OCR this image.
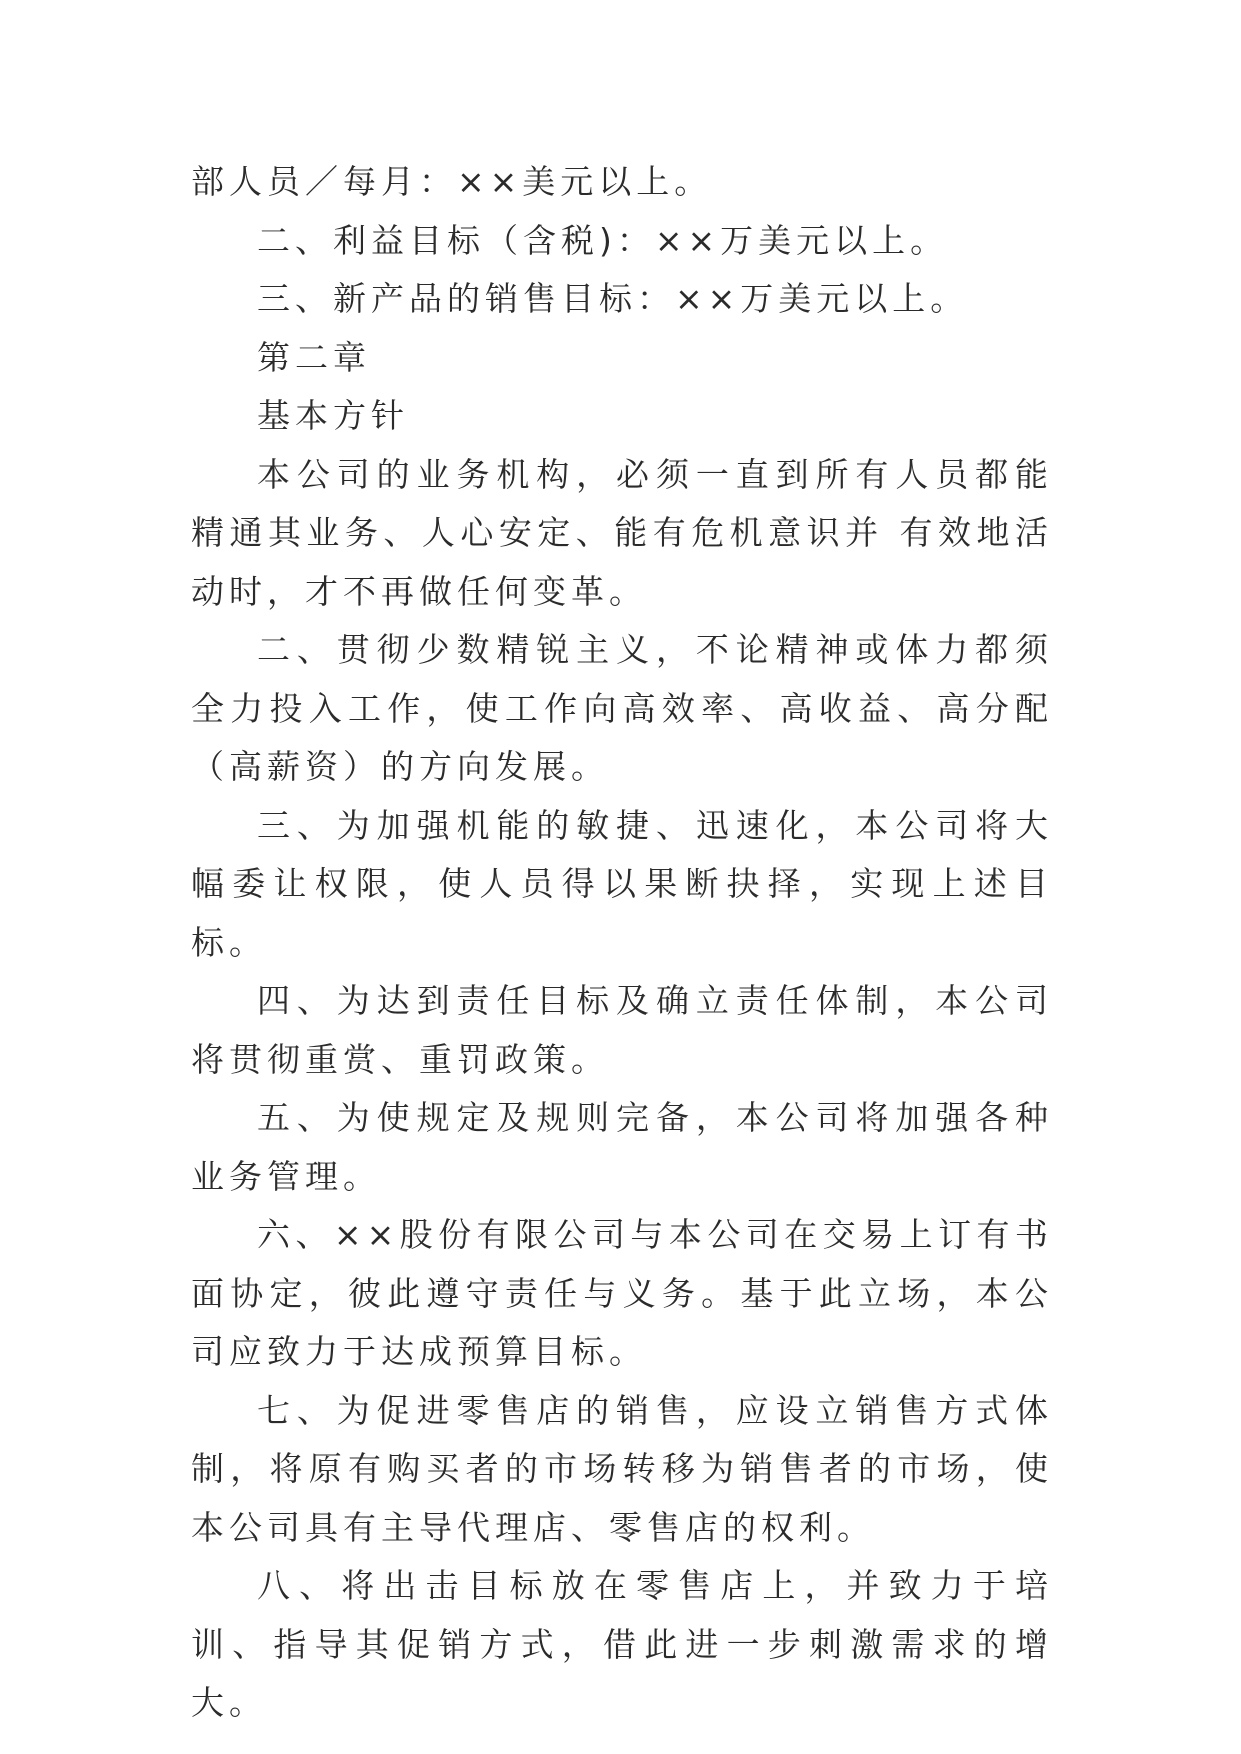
部人员／每月：××美元以上。

二、利益目标（含税)：××万美元以上。

三、新产品的销售目标：××万美元以上。

第二章

基本方针

本公司的业务机构，必须一直到所有人员都能精通其业务、人心安定、能有危机意识并 有效地活动时，才不再做任何变革。

二、贯彻少数精锐主义，不论精神或体力都须全力投入工作，使工作向高效率、高收益、高分配（高薪资）的方向发展。

三、为加强机能的敏捷、迅速化，本公司将大幅委让权限，使人员得以果断抉择，实现上述目标。

四、为达到责任目标及确立责任体制，本公司将贯彻重赏、重罚政策。

五、为使规定及规则完备，本公司将加强各种业务管理。

六、××股份有限公司与本公司在交易上订有书面协定，彼此遵守责任与义务。基于此立场，本公司应致力于达成预算目标。

七、为促进零售店的销售，应设立销售方式体制，将原有购买者的市场转移为销售者的市场，使本公司具有主导代理店、零售店的权利。

八、将出击目标放在零售店上，并致力于培训、指导其促销方式，借此进一步刺激需求的增大。
